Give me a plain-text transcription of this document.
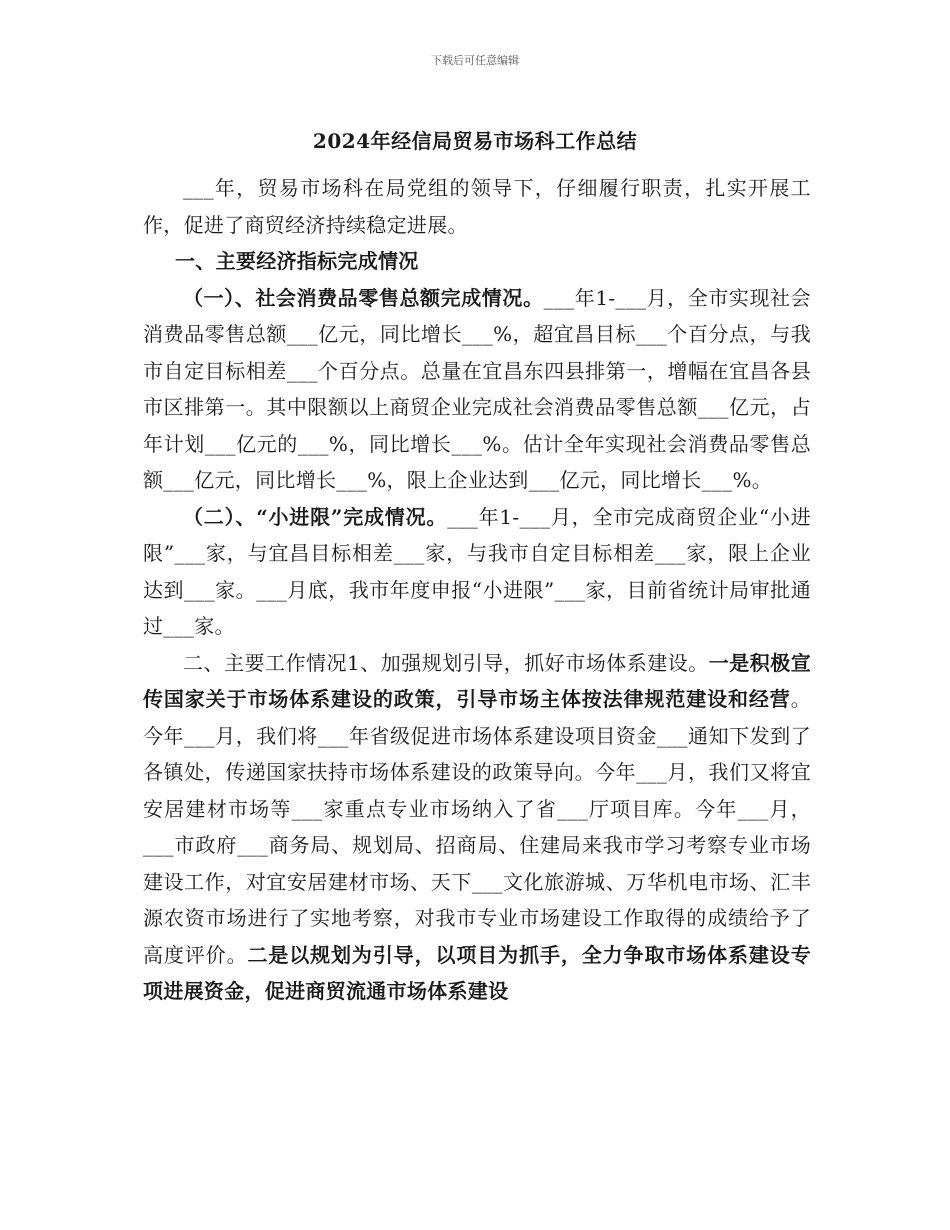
下载后可任意编辑
2024年经信局贸易市场科工作总结

___年，贸易市场科在局党组的领导下，仔细履行职责，扎实开展工作，促进了商贸经济持续稳定进展。

一、主要经济指标完成情况

（一）、社会消费品零售总额完成情况。___年1-___月，全市实现社会消费品零售总额___亿元，同比增长___%，超宜昌目标___个百分点，与我市自定目标相差___个百分点。总量在宜昌东四县排第一，增幅在宜昌各县市区排第一。其中限额以上商贸企业完成社会消费品零售总额___亿元，占年计划___亿元的___%，同比增长___%。估计全年实现社会消费品零售总额___亿元，同比增长___%，限上企业达到___亿元，同比增长___%。

（二）、“小进限”完成情况。___年1-___月，全市完成商贸企业“小进限”___家，与宜昌目标相差___家，与我市自定目标相差___家，限上企业达到___家。___月底，我市年度申报“小进限”___家，目前省统计局审批通过___家。

二、主要工作情况1、加强规划引导，抓好市场体系建设。一是积极宣传国家关于市场体系建设的政策，引导市场主体按法律规范建设和经营。今年___月，我们将___年省级促进市场体系建设项目资金___通知下发到了各镇处，传递国家扶持市场体系建设的政策导向。今年___月，我们又将宜安居建材市场等___家重点专业市场纳入了省___厅项目库。今年___月，___市政府___商务局、规划局、招商局、住建局来我市学习考察专业市场建设工作，对宜安居建材市场、天下___文化旅游城、万华机电市场、汇丰源农资市场进行了实地考察，对我市专业市场建设工作取得的成绩给予了高度评价。二是以规划为引导，以项目为抓手，全力争取市场体系建设专项进展资金，促进商贸流通市场体系建设
